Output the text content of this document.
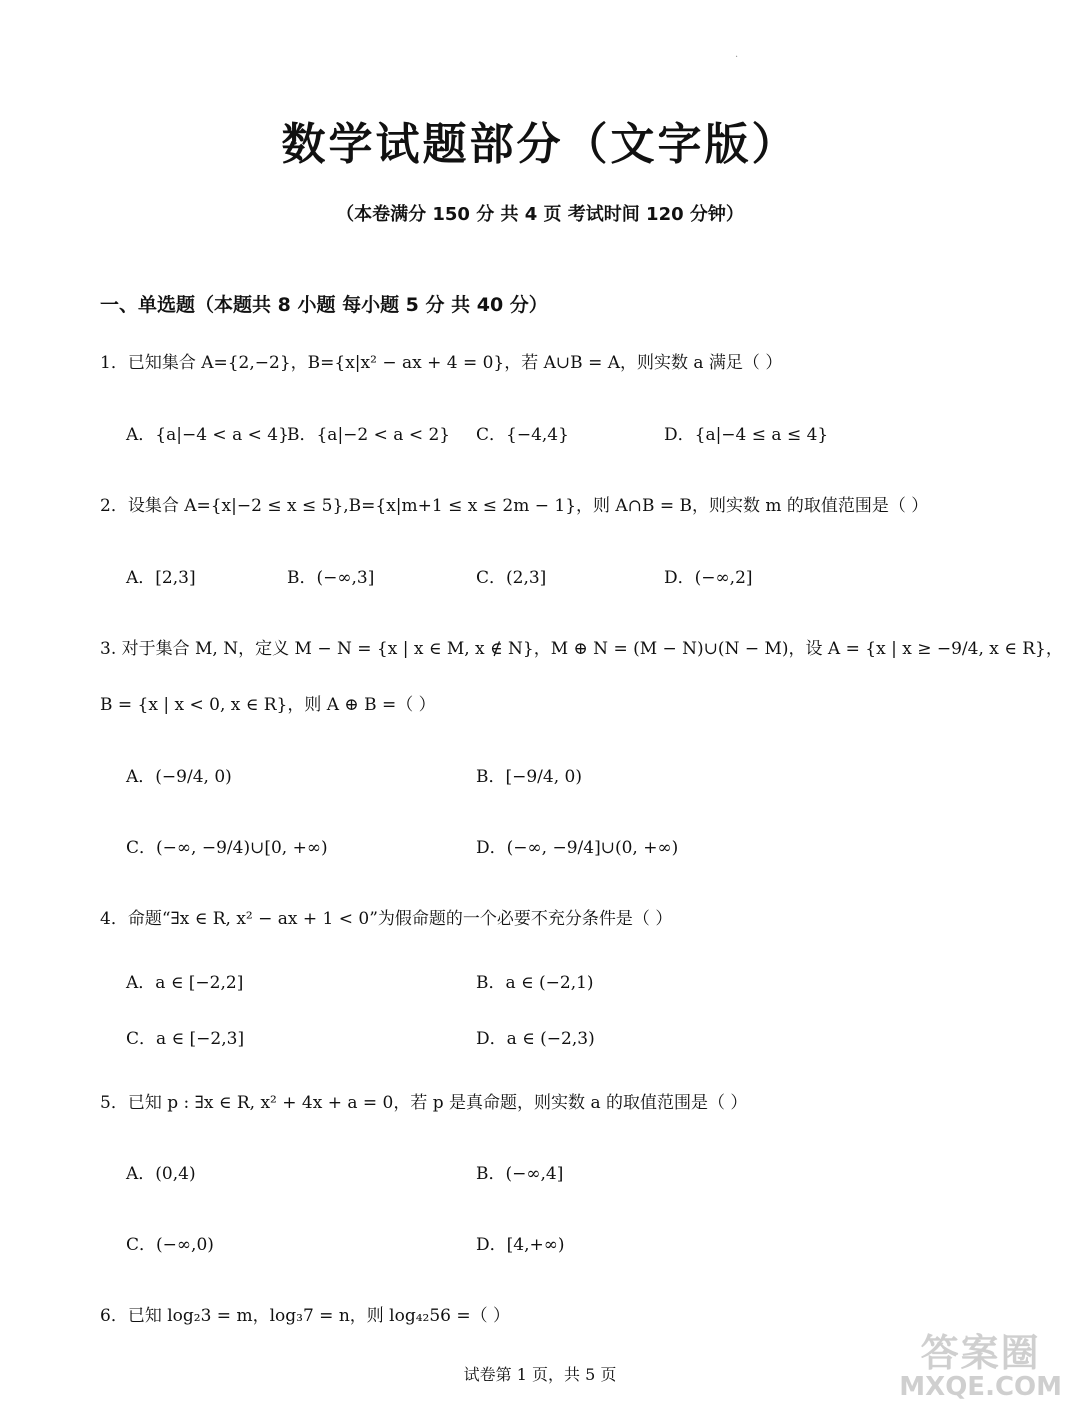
·
数学试题部分（文字版）
（本卷满分 150 分 共 4 页 考试时间 120 分钟）
一、单选题（本题共 8 小题 每小题 5 分 共 40 分）
1．已知集合 A={2,−2}，B={x|x² − ax + 4 = 0}，若 A∪B = A，则实数 a 满足（ ）
A．{a|−4 < a < 4}
B．{a|−2 < a < 2} C．{−4,4}	D．{a|−4 ≤ a ≤ 4}
2．设集合 A={x|−2 ≤ x ≤ 5},B={x|m+1 ≤ x ≤ 2m − 1}，则 A∩B = B，则实数 m 的取值范围是（ ）
A．[2,3]	B．(−∞,3]	C．(2,3]	D．(−∞,2]
3. 对于集合 M, N，定义 M − N = {x | x ∈ M, x ∉ N}，M ⊕ N = (M − N)∪(N − M)，设 A = {x | x ≥ −9/4, x ∈ R}，
B = {x | x < 0, x ∈ R}，则 A ⊕ B =（ ）
A．(−9/4, 0)	B．[−9/4, 0)
C．(−∞, −9/4)∪[0, +∞)	D．(−∞, −9/4]∪(0, +∞)
4．命题“∃x ∈ R, x² − ax + 1 < 0”为假命题的一个必要不充分条件是（ ）
A．a ∈ [−2,2]	B．a ∈ (−2,1)
C．a ∈ [−2,3]	D．a ∈ (−2,3)
5．已知 p : ∃x ∈ R, x² + 4x + a = 0，若 p 是真命题，则实数 a 的取值范围是（ ）
A．(0,4)	B．(−∞,4]
C．(−∞,0)	D．[4,+∞)
6．已知 log₂3 = m，log₃7 = n，则 log₄₂56 =（ ）
试卷第 1 页，共 5 页	答案圈
MXQE.COM
